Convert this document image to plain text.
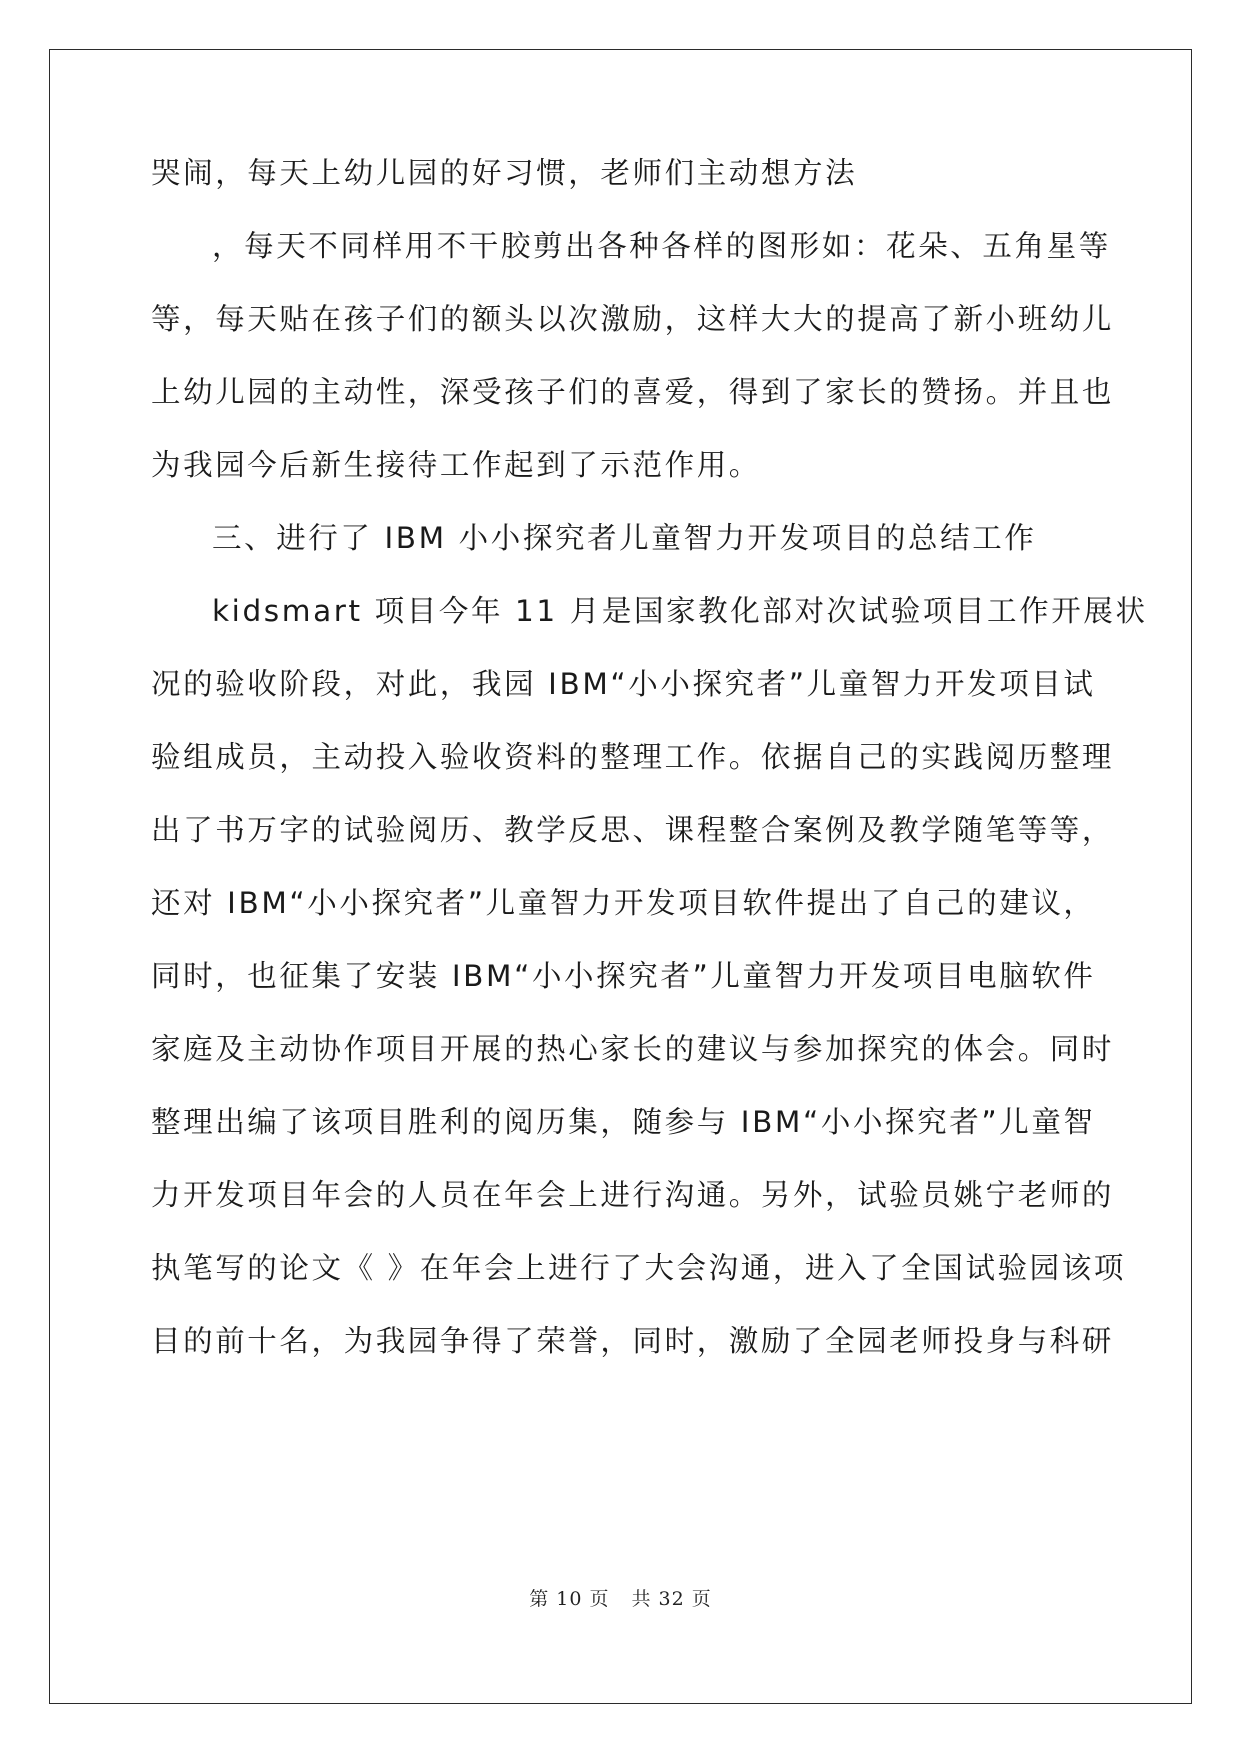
哭闹，每天上幼儿园的好习惯，老师们主动想方法
，每天不同样用不干胶剪出各种各样的图形如：花朵、五角星等
等，每天贴在孩子们的额头以次激励，这样大大的提高了新小班幼儿
上幼儿园的主动性，深受孩子们的喜爱，得到了家长的赞扬。并且也
为我园今后新生接待工作起到了示范作用。
三、进行了 IBM 小小探究者儿童智力开发项目的总结工作
kidsmart 项目今年 11 月是国家教化部对次试验项目工作开展状
况的验收阶段，对此，我园 IBM“小小探究者”儿童智力开发项目试
验组成员，主动投入验收资料的整理工作。依据自己的实践阅历整理
出了书万字的试验阅历、教学反思、课程整合案例及教学随笔等等，
还对 IBM“小小探究者”儿童智力开发项目软件提出了自己的建议，
同时，也征集了安装 IBM“小小探究者”儿童智力开发项目电脑软件
家庭及主动协作项目开展的热心家长的建议与参加探究的体会。同时
整理出编了该项目胜利的阅历集，随参与 IBM“小小探究者”儿童智
力开发项目年会的人员在年会上进行沟通。另外，试验员姚宁老师的
执笔写的论文《 》在年会上进行了大会沟通，进入了全国试验园该项
目的前十名，为我园争得了荣誉，同时，激励了全园老师投身与科研
第 10 页 共 32 页
